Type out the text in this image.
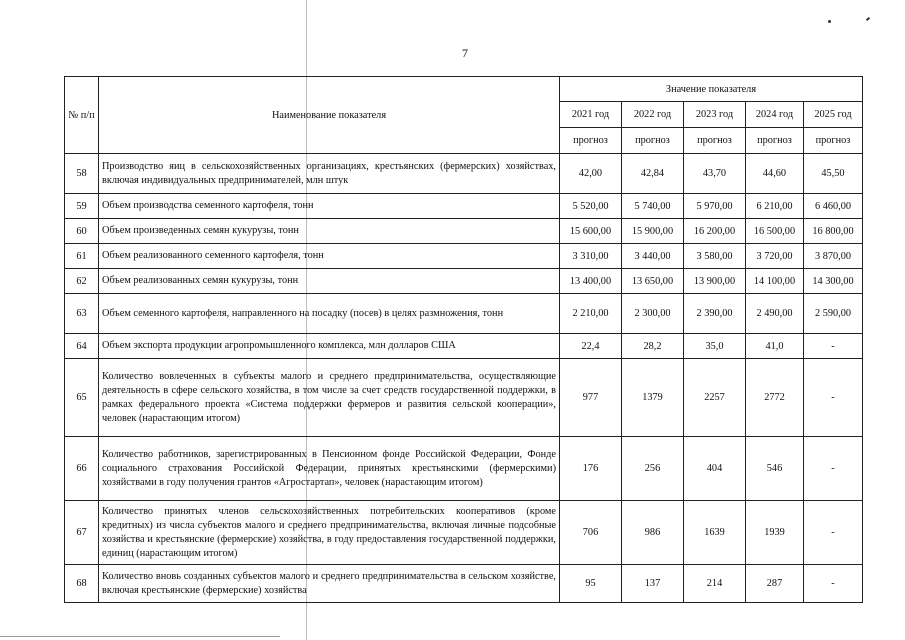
7
№ п/п	Наименование показателя	Значение показателя				
		2021 год	2022 год	2023 год	2024 год	2025 год
		прогноз	прогноз	прогноз	прогноз	прогноз
58	Производство яиц в сельскохозяйственных организациях, крестьянских (фермерских) хозяйствах, включая индивидуальных предпринимателей, млн штук	42,00	42,84	43,70	44,60	45,50
59	Объем производства семенного картофеля, тонн	5 520,00	5 740,00	5 970,00	6 210,00	6 460,00
60	Объем произведенных семян кукурузы, тонн	15 600,00	15 900,00	16 200,00	16 500,00	16 800,00
61	Объем реализованного семенного картофеля, тонн	3 310,00	3 440,00	3 580,00	3 720,00	3 870,00
62	Объем реализованных семян кукурузы, тонн	13 400,00	13 650,00	13 900,00	14 100,00	14 300,00
63	Объем семенного картофеля, направленного на посадку (посев) в целях размножения, тонн	2 210,00	2 300,00	2 390,00	2 490,00	2 590,00
64	Объем экспорта продукции агропромышленного комплекса, млн долларов США	22,4	28,2	35,0	41,0	-
65	Количество вовлеченных в субъекты малого и среднего предпринимательства, осуществляющие деятельность в сфере сельского хозяйства, в том числе за счет средств государственной поддержки, в рамках федерального проекта «Система поддержки фермеров и развития сельской кооперации», человек (нарастающим итогом)	977	1379	2257	2772	-
66	Количество работников, зарегистрированных в Пенсионном фонде Российской Федерации, Фонде социального страхования Российской Федерации, принятых крестьянскими (фермерскими) хозяйствами в году получения грантов «Агростартап», человек (нарастающим итогом)	176	256	404	546	-
67	Количество принятых членов сельскохозяйственных потребительских кооперативов (кроме кредитных) из числа субъектов малого и среднего предпринимательства, включая личные подсобные хозяйства и крестьянские (фермерские) хозяйства, в году предоставления государственной поддержки, единиц (нарастающим итогом)	706	986	1639	1939	-
68	Количество вновь созданных субъектов малого и среднего предпринимательства в сельском хозяйстве, включая крестьянские (фермерские) хозяйства	95	137	214	287	-
